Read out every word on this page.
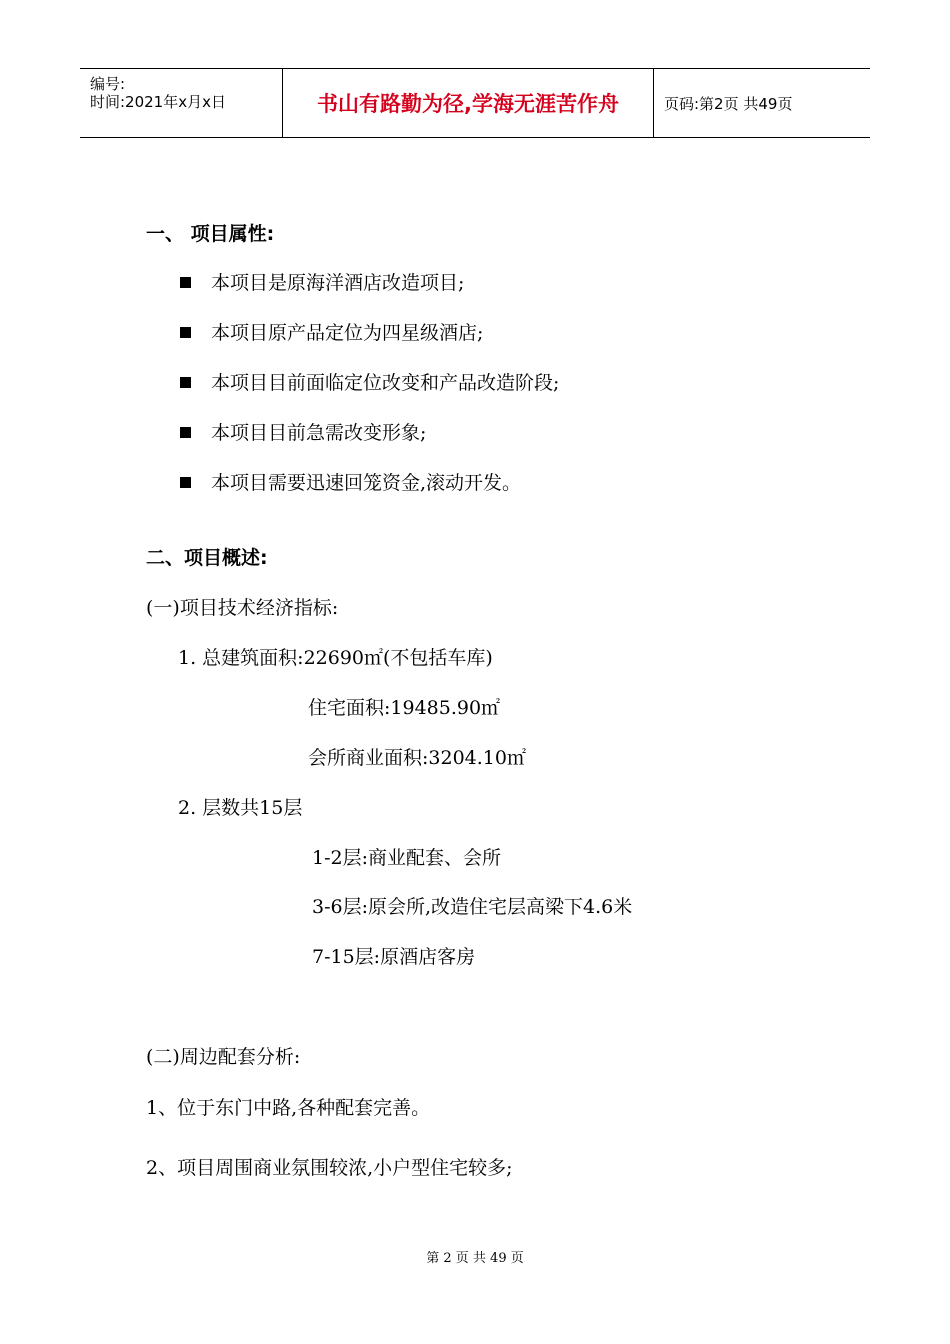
编号:
时间:2021年x月x日	书山有路勤为径,学海无涯苦作舟	页码:第2页 共49页
一、 项目属性:
本项目是原海洋酒店改造项目;
本项目原产品定位为四星级酒店;
本项目目前面临定位改变和产品改造阶段;
本项目目前急需改变形象;
本项目需要迅速回笼资金,滚动开发。
二、项目概述:
(一)项目技术经济指标:
1. 总建筑面积:22690㎡(不包括车库)
住宅面积:19485.90㎡
会所商业面积:3204.10㎡
2. 层数共15层
1-2层:商业配套、会所
3-6层:原会所,改造住宅层高梁下4.6米
7-15层:原酒店客房
(二)周边配套分析:
1、位于东门中路,各种配套完善。
2、项目周围商业氛围较浓,小户型住宅较多;
第 2 页 共 49 页
